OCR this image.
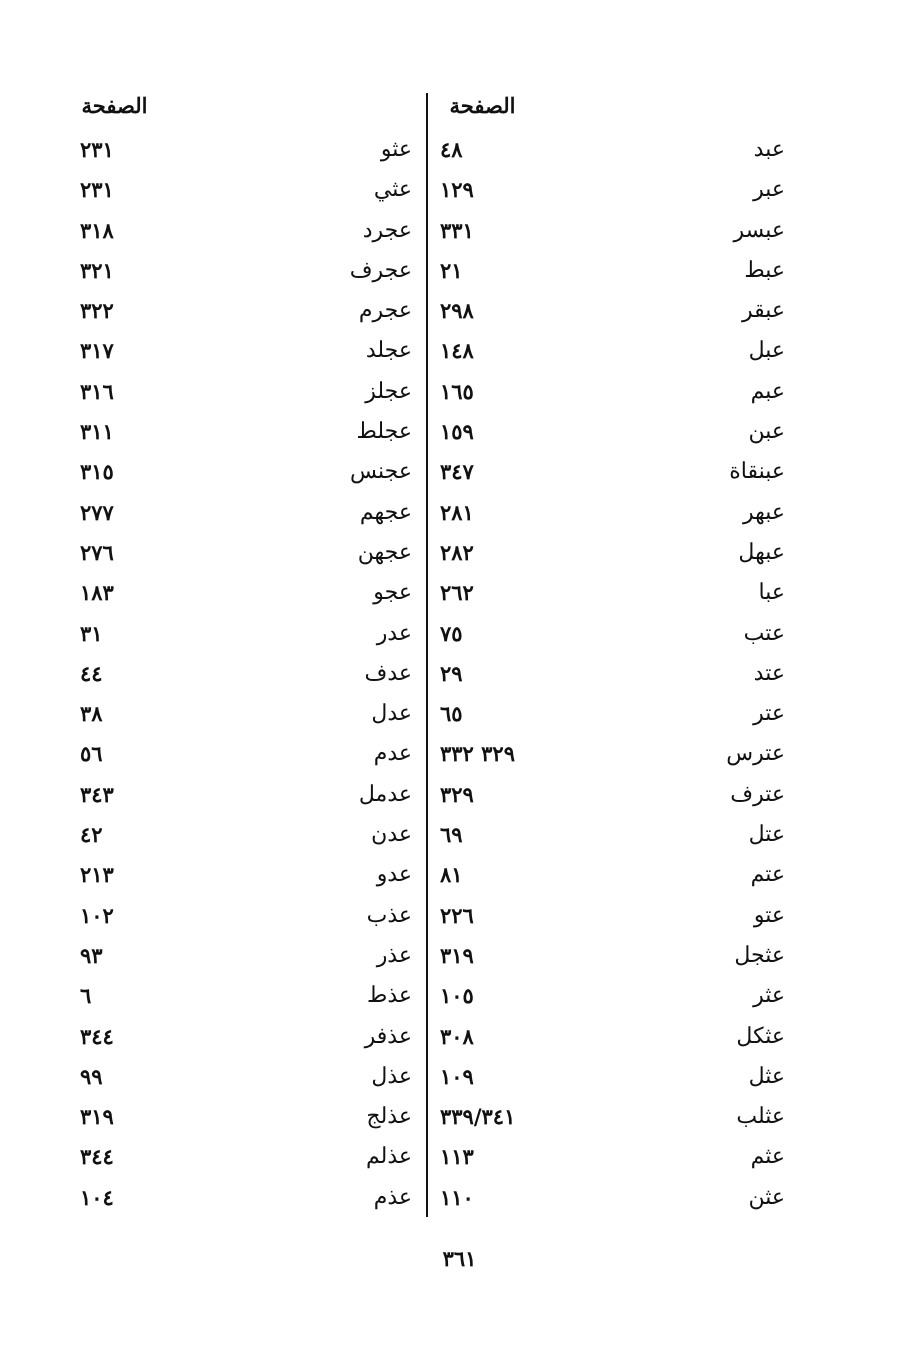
الصفحة
٤٨	عبد
١٢٩	عبر
٣٣١	عبسر
٢١	عبط
٢٩٨	عبقر
١٤٨	عبل
١٦٥	عبم
١٥٩	عبن
٣٤٧	عبنقاة
٢٨١	عبهر
٢٨٢	عبهل
٢٦٢	عبا
٧٥	عتب
٢٩	عتد
٦٥	عتر
٣٢٩ ٣٣٢	عترس
٣٢٩	عترف
٦٩	عتل
٨١	عتم
٢٢٦	عتو
٣١٩	عثجل
١٠٥	عثر
٣٠٨	عثكل
١٠٩	عثل
٣٣٩/٣٤١	عثلب
١١٣	عثم
١١٠	عثن
الصفحة
٢٣١	عثو
٢٣١	عثي
٣١٨	عجرد
٣٢١	عجرف
٣٢٢	عجرم
٣١٧	عجلد
٣١٦	عجلز
٣١١	عجلط
٣١٥	عجنس
٢٧٧	عجهم
٢٧٦	عجهن
١٨٣	عجو
٣١	عدر
٤٤	عدف
٣٨	عدل
٥٦	عدم
٣٤٣	عدمل
٤٢	عدن
٢١٣	عدو
١٠٢	عذب
٩٣	عذر
٦	عذط
٣٤٤	عذفر
٩٩	عذل
٣١٩	عذلج
٣٤٤	عذلم
١٠٤	عذم
٣٦١
